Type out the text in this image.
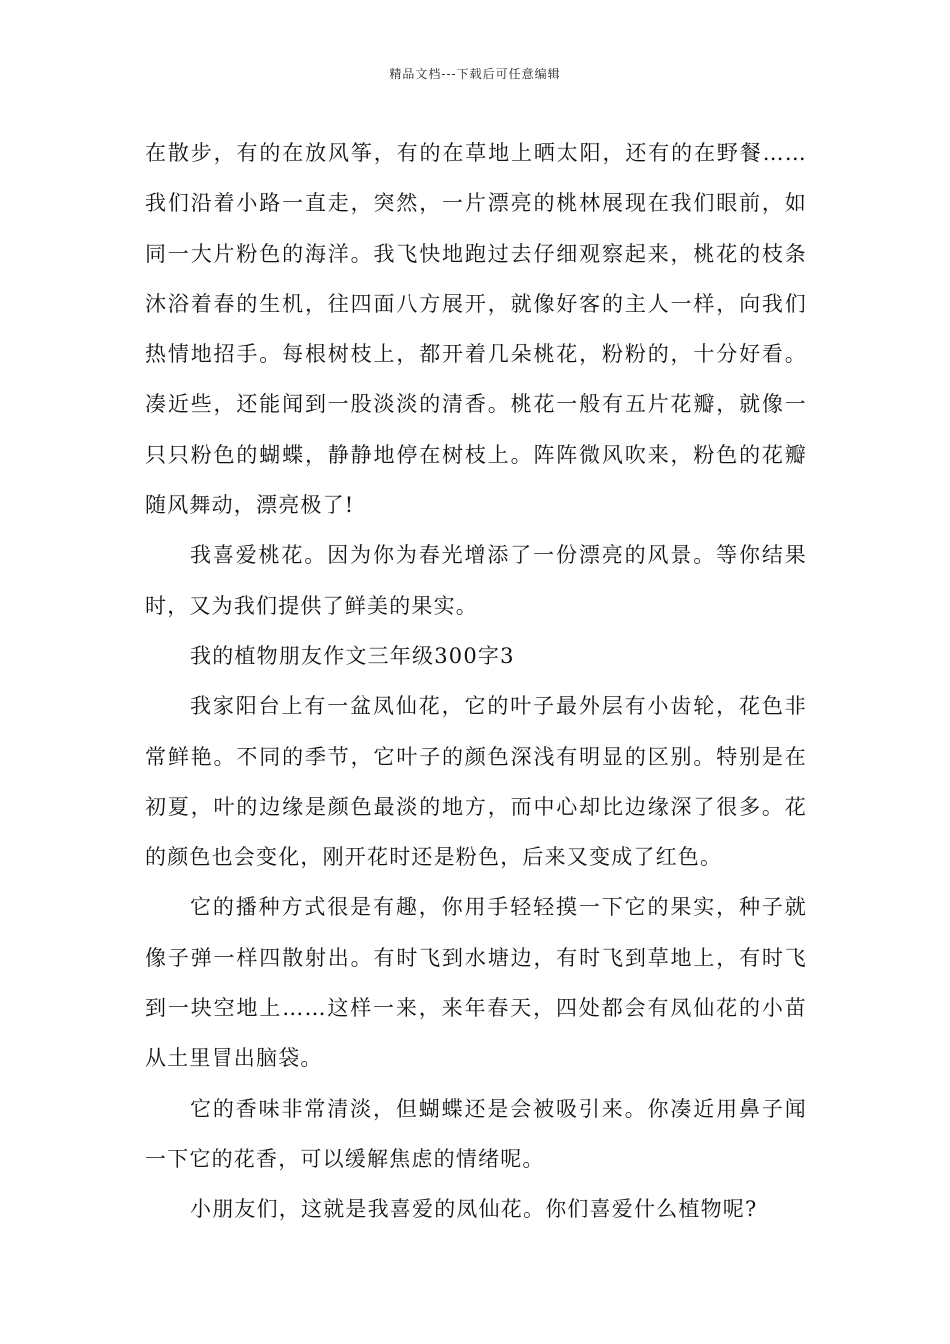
精品文档---下载后可任意编辑

在散步，有的在放风筝，有的在草地上晒太阳，还有的在野餐……我们沿着小路一直走，突然，一片漂亮的桃林展现在我们眼前，如同一大片粉色的海洋。我飞快地跑过去仔细观察起来，桃花的枝条沐浴着春的生机，往四面八方展开，就像好客的主人一样，向我们热情地招手。每根树枝上，都开着几朵桃花，粉粉的，十分好看。凑近些，还能闻到一股淡淡的清香。桃花一般有五片花瓣，就像一只只粉色的蝴蝶，静静地停在树枝上。阵阵微风吹来，粉色的花瓣随风舞动，漂亮极了!

我喜爱桃花。因为你为春光增添了一份漂亮的风景。等你结果时，又为我们提供了鲜美的果实。

我的植物朋友作文三年级300字3

我家阳台上有一盆凤仙花，它的叶子最外层有小齿轮，花色非常鲜艳。不同的季节，它叶子的颜色深浅有明显的区别。特别是在初夏，叶的边缘是颜色最淡的地方，而中心却比边缘深了很多。花的颜色也会变化，刚开花时还是粉色，后来又变成了红色。

它的播种方式很是有趣，你用手轻轻摸一下它的果实，种子就像子弹一样四散射出。有时飞到水塘边，有时飞到草地上，有时飞到一块空地上……这样一来，来年春天，四处都会有凤仙花的小苗从土里冒出脑袋。

它的香味非常清淡，但蝴蝶还是会被吸引来。你凑近用鼻子闻一下它的花香，可以缓解焦虑的情绪呢。

小朋友们，这就是我喜爱的凤仙花。你们喜爱什么植物呢?
